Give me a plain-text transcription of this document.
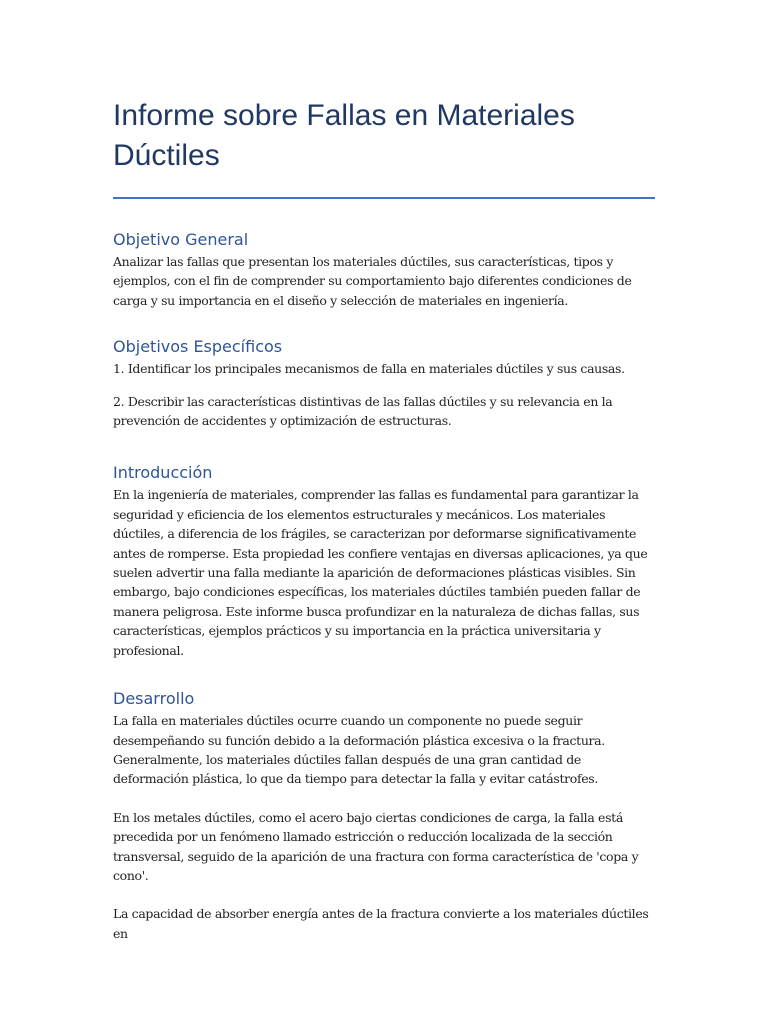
Informe sobre Fallas en Materiales Dúctiles
Objetivo General

Analizar las fallas que presentan los materiales dúctiles, sus características, tipos y ejemplos, con el fin de comprender su comportamiento bajo diferentes condiciones de carga y su importancia en el diseño y selección de materiales en ingeniería.

Objetivos Específicos

1. Identificar los principales mecanismos de falla en materiales dúctiles y sus causas.

2. Describir las características distintivas de las fallas dúctiles y su relevancia en la prevención de accidentes y optimización de estructuras.

Introducción

En la ingeniería de materiales, comprender las fallas es fundamental para garantizar la seguridad y eficiencia de los elementos estructurales y mecánicos. Los materiales dúctiles, a diferencia de los frágiles, se caracterizan por deformarse significativamente antes de romperse. Esta propiedad les confiere ventajas en diversas aplicaciones, ya que suelen advertir una falla mediante la aparición de deformaciones plásticas visibles. Sin embargo, bajo condiciones específicas, los materiales dúctiles también pueden fallar de manera peligrosa. Este informe busca profundizar en la naturaleza de dichas fallas, sus características, ejemplos prácticos y su importancia en la práctica universitaria y profesional.

Desarrollo

La falla en materiales dúctiles ocurre cuando un componente no puede seguir desempeñando su función debido a la deformación plástica excesiva o la fractura. Generalmente, los materiales dúctiles fallan después de una gran cantidad de deformación plástica, lo que da tiempo para detectar la falla y evitar catástrofes.

En los metales dúctiles, como el acero bajo ciertas condiciones de carga, la falla está precedida por un fenómeno llamado estricción o reducción localizada de la sección transversal, seguido de la aparición de una fractura con forma característica de 'copa y cono'.

La capacidad de absorber energía antes de la fractura convierte a los materiales dúctiles en
